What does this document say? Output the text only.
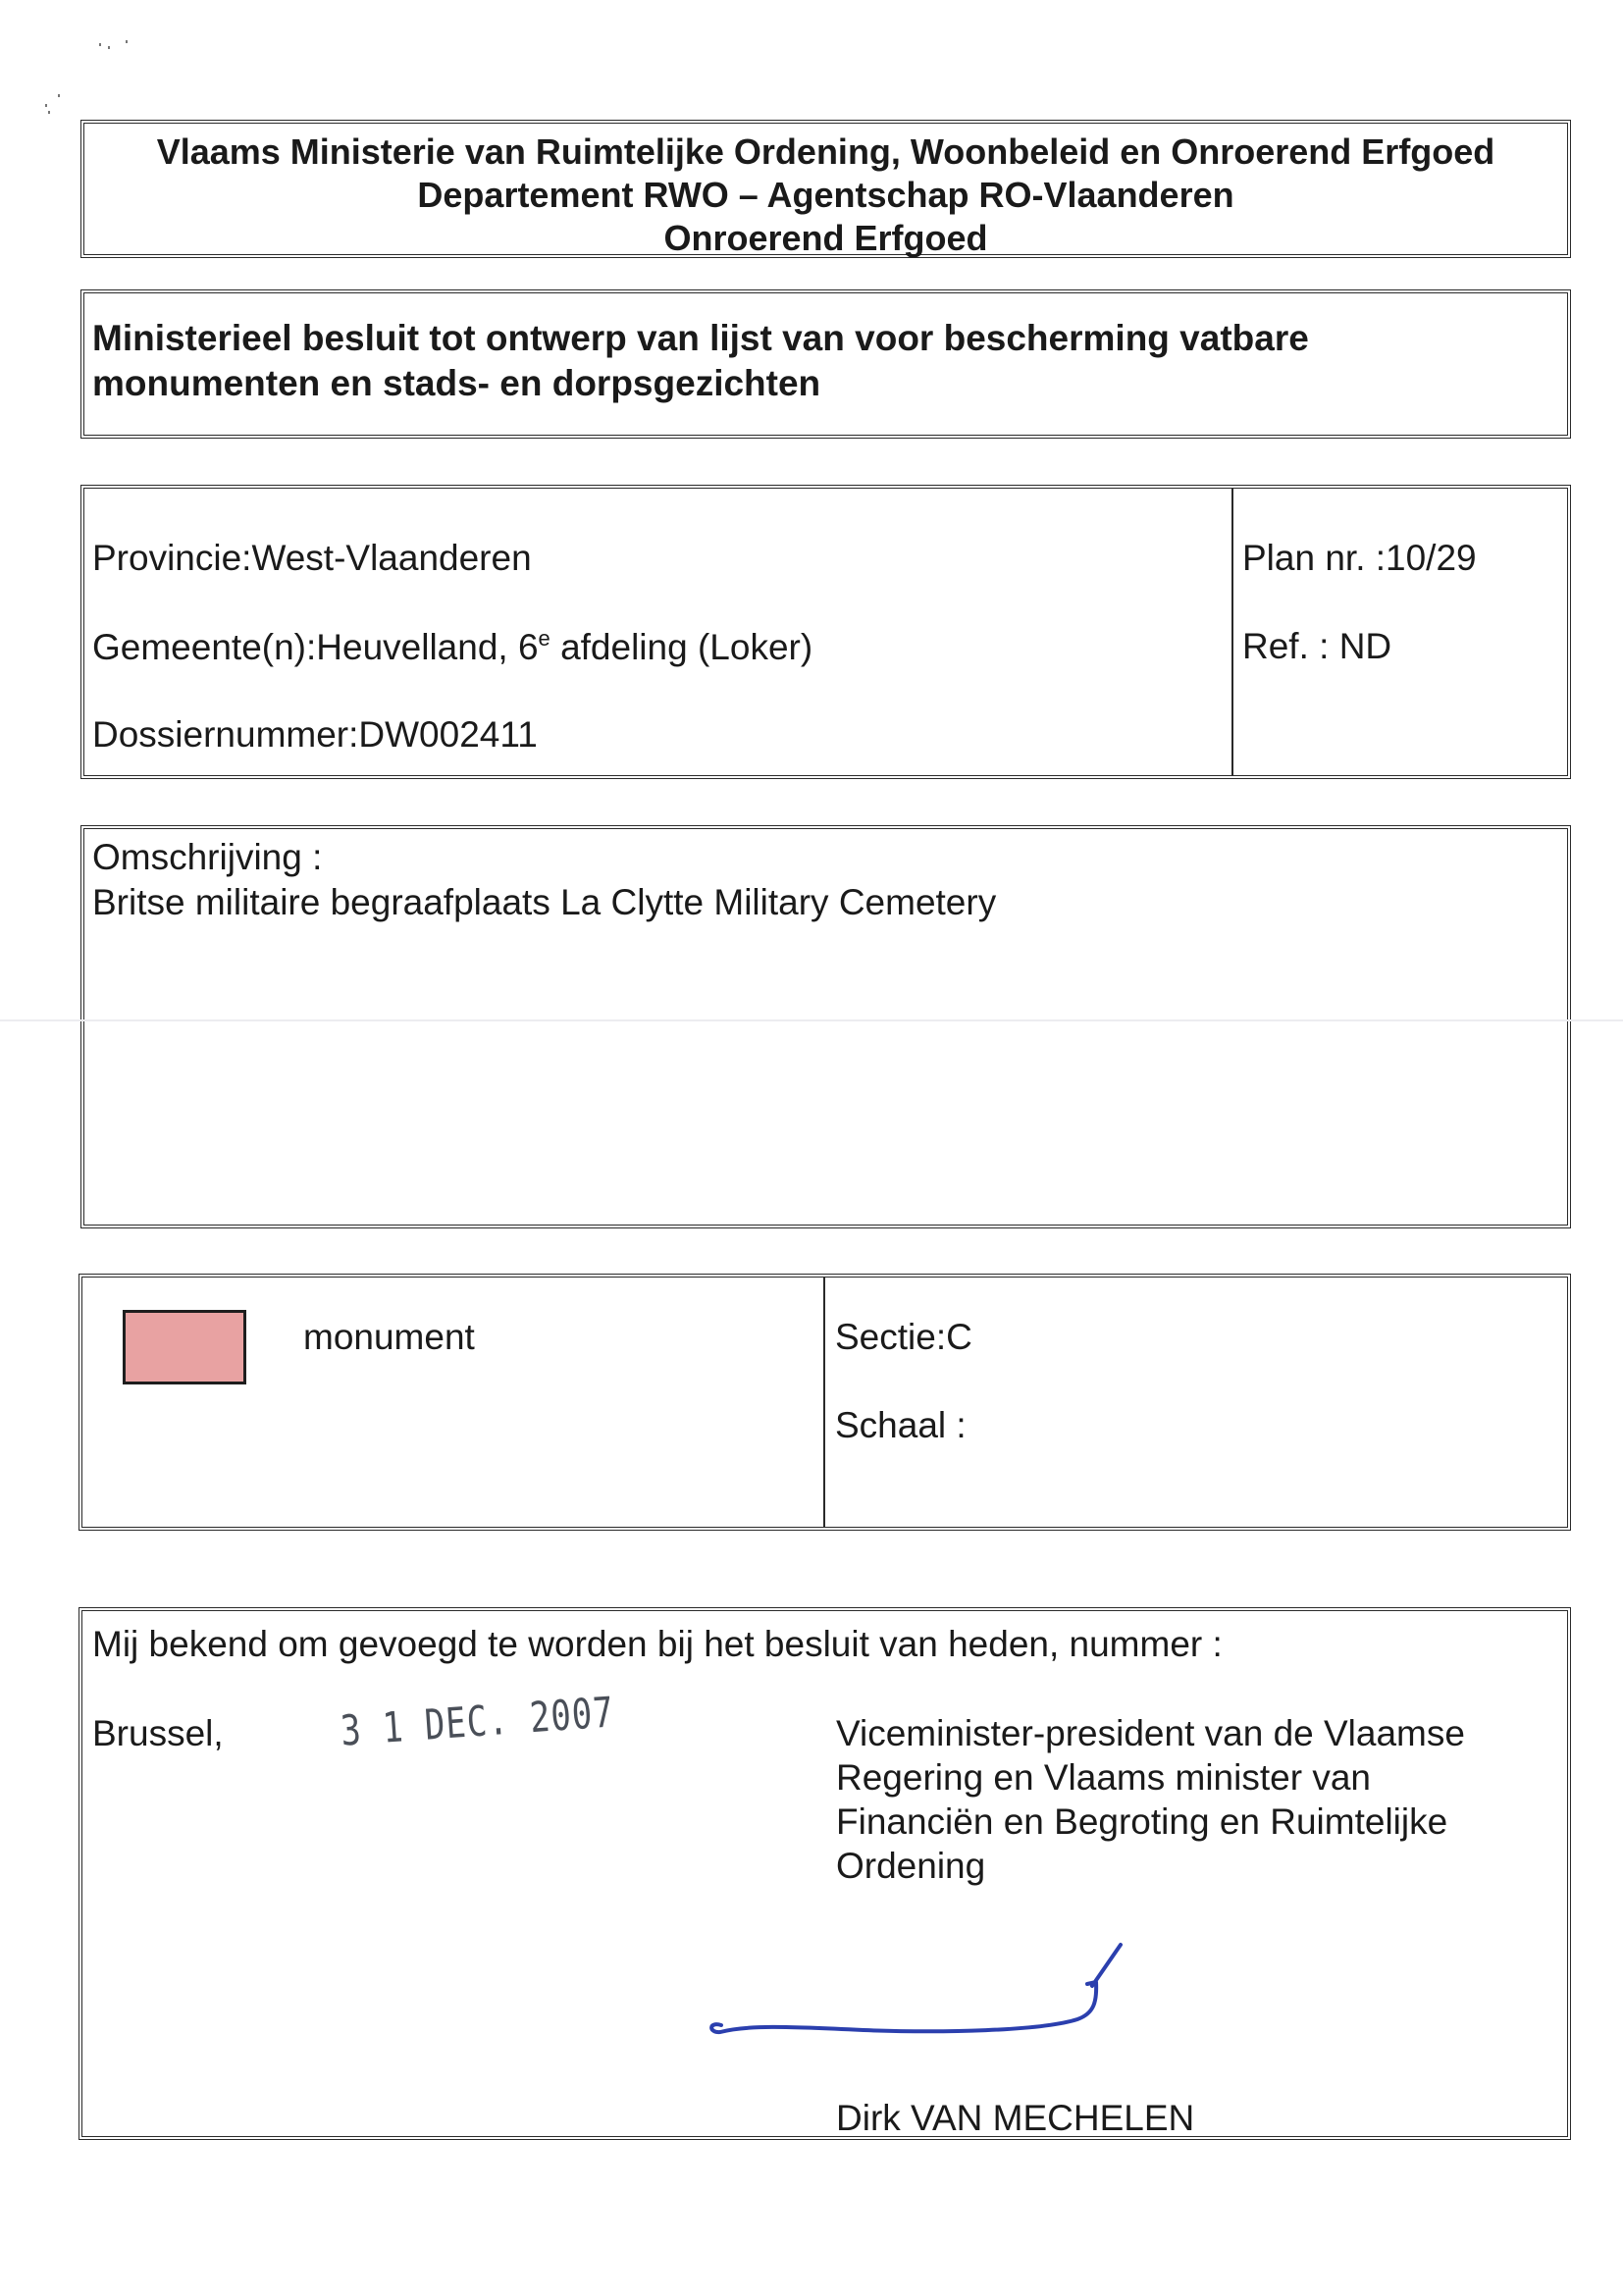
Vlaams Ministerie van Ruimtelijke Ordening, Woonbeleid en Onroerend Erfgoed
Departement RWO – Agentschap RO-Vlaanderen
Onroerend Erfgoed
Ministerieel besluit tot ontwerp van lijst van voor bescherming vatbare
monumenten en stads- en dorpsgezichten
Provincie:West-Vlaanderen
Gemeente(n):Heuvelland, 6e afdeling (Loker)
Dossiernummer:DW002411
Plan nr. :10/29
Ref. : ND
Omschrijving :
Britse militaire begraafplaats La Clytte Military Cemetery
monument	Sectie:C
Schaal :
Mij bekend om gevoegd te worden bij het besluit van heden, nummer :
Brussel,	3 1 DEC. 2007	Viceminister-president van de Vlaamse
Regering en Vlaams minister van
Financiën en Begroting en Ruimtelijke
Ordening
Dirk VAN MECHELEN
